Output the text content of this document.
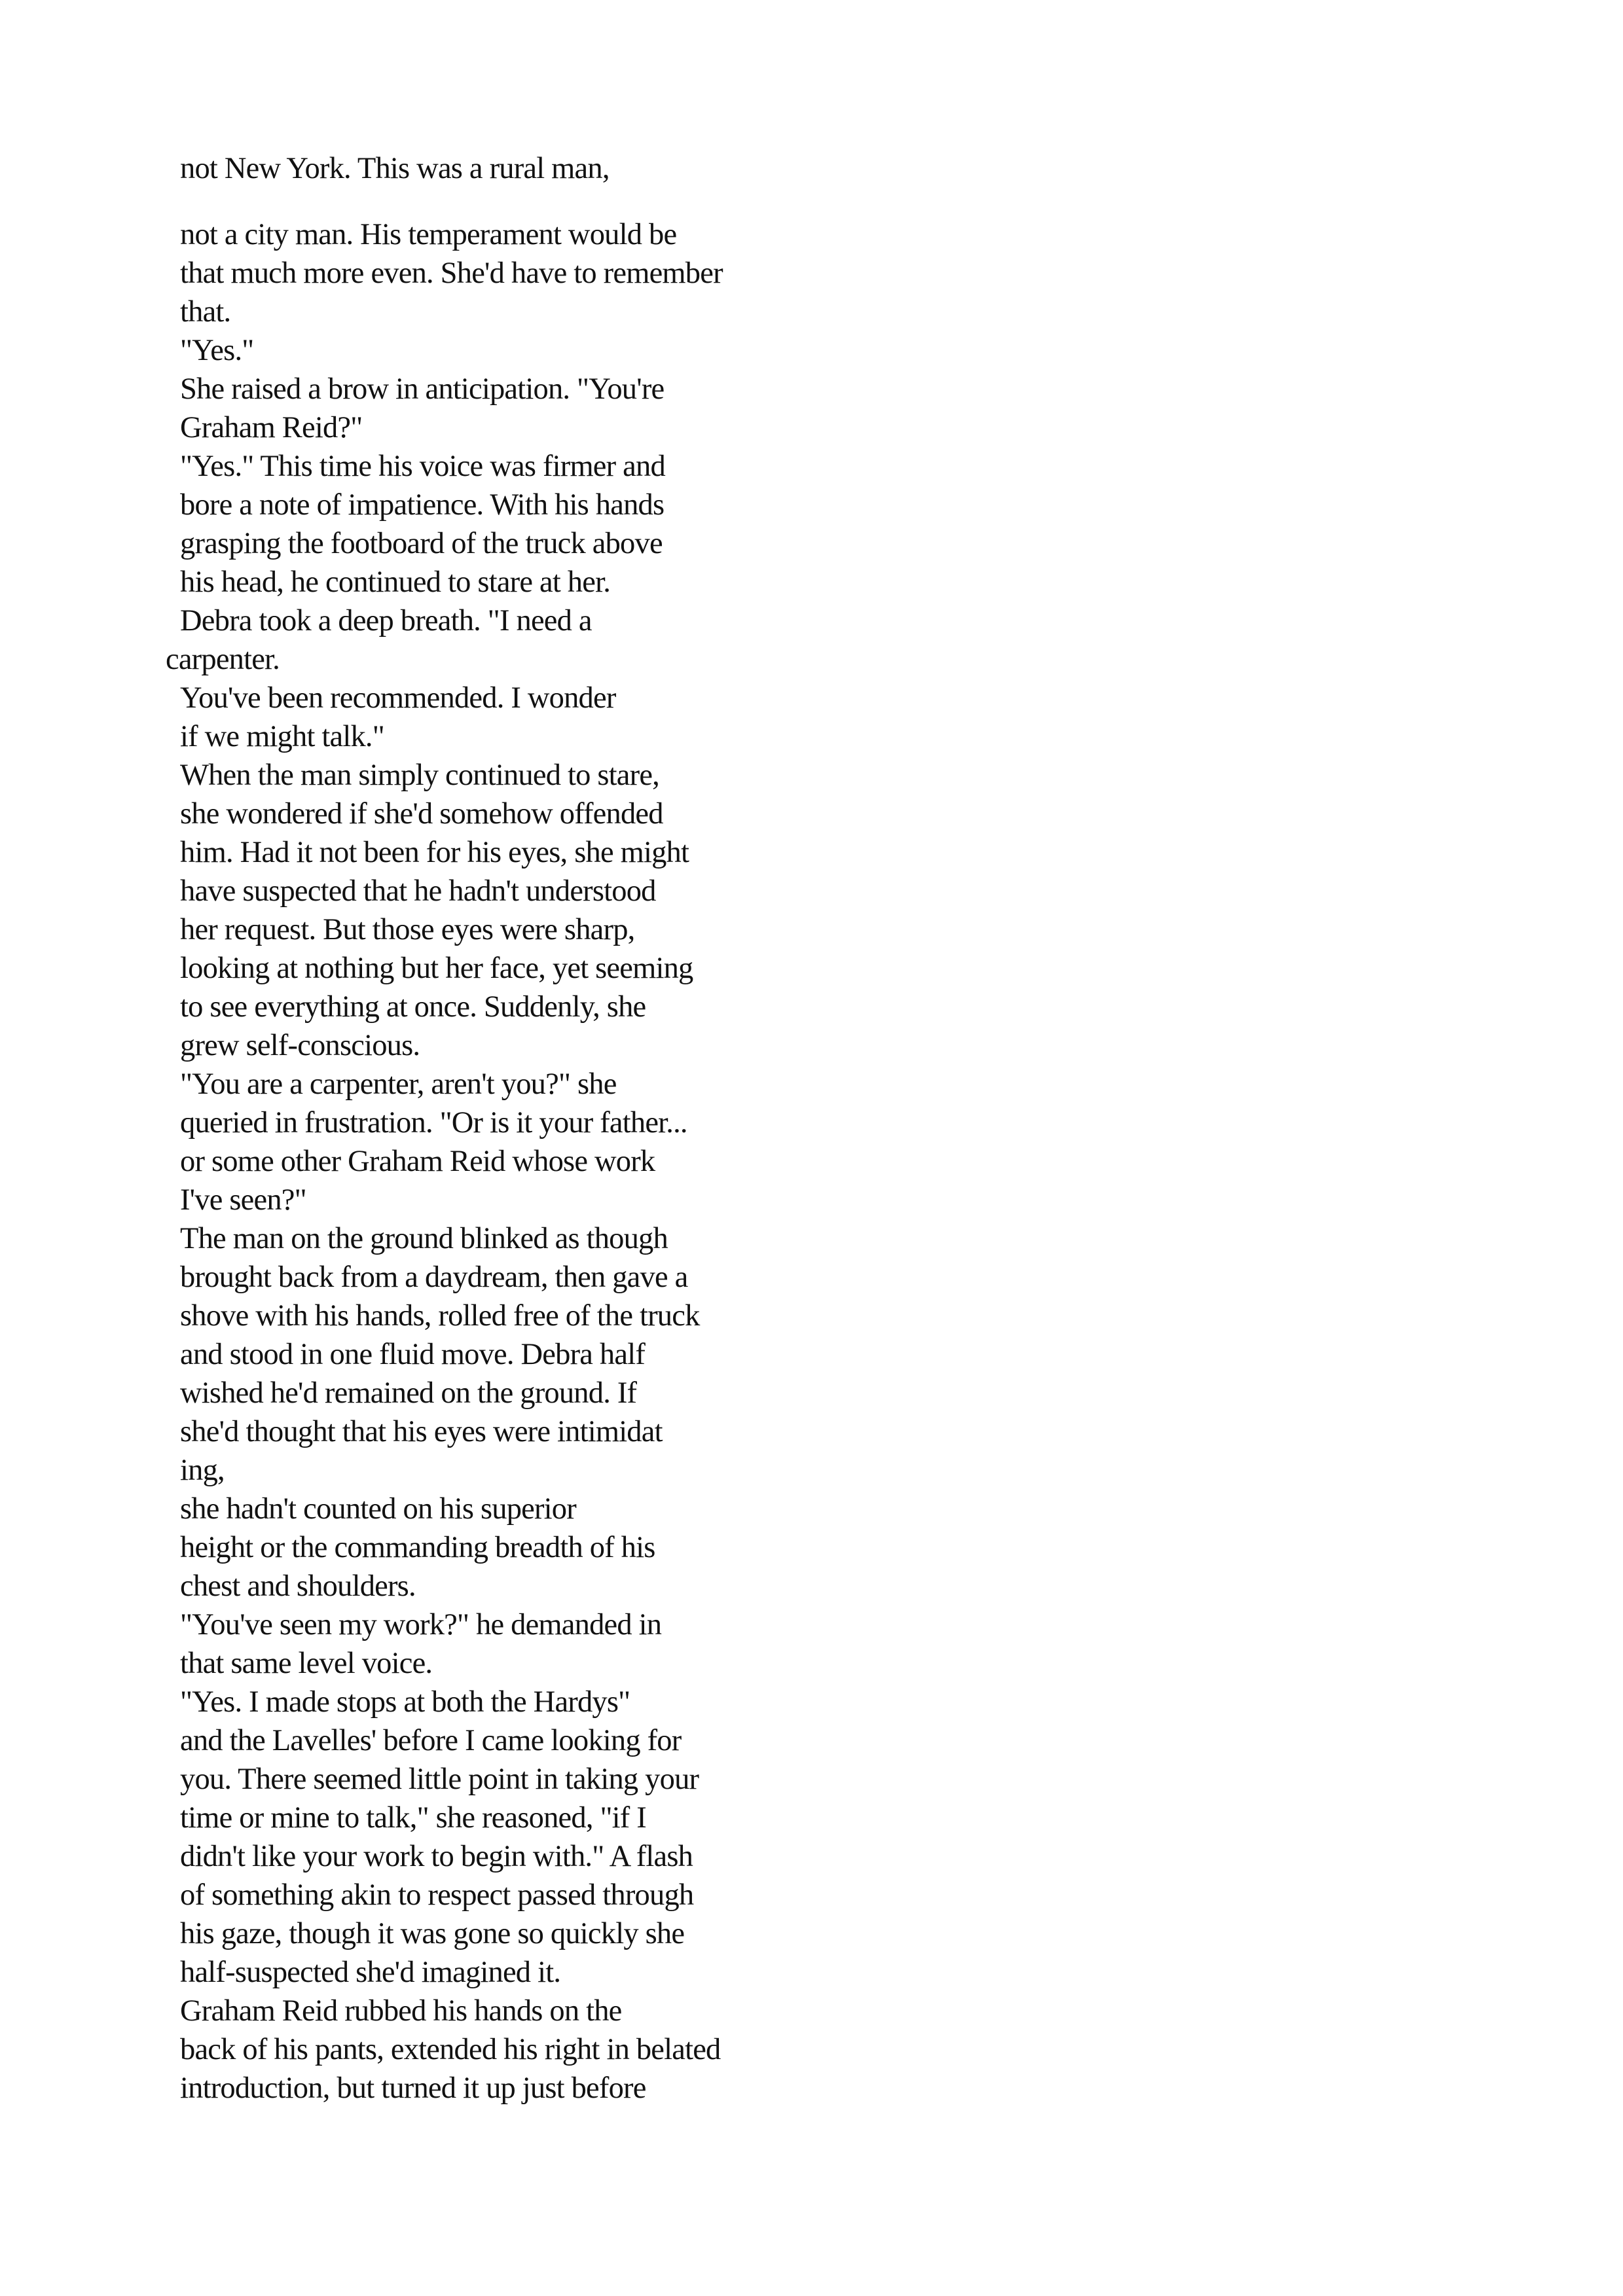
not New York. This was a rural man,
not a city man. His temperament would be
that much more even. She'd have to remember
that.
"Yes."
She raised a brow in anticipation. "You're
Graham Reid?"
"Yes." This time his voice was firmer and
bore a note of impatience. With his hands
grasping the footboard of the truck above
his head, he continued to stare at her.
Debra took a deep breath. "I need a
carpenter.
You've been recommended. I wonder
if we might talk."
When the man simply continued to stare,
she wondered if she'd somehow offended
him. Had it not been for his eyes, she might
have suspected that he hadn't understood
her request. But those eyes were sharp,
looking at nothing but her face, yet seeming
to see everything at once. Suddenly, she
grew self-conscious.
"You are a carpenter, aren't you?" she
queried in frustration. "Or is it your father...
or some other Graham Reid whose work
I've seen?"
The man on the ground blinked as though
brought back from a daydream, then gave a
shove with his hands, rolled free of the truck
and stood in one fluid move. Debra half
wished he'd remained on the ground. If
she'd thought that his eyes were intimidat
ing,
she hadn't counted on his superior
height or the commanding breadth of his
chest and shoulders.
"You've seen my work?" he demanded in
that same level voice.
"Yes. I made stops at both the Hardys"
and the Lavelles' before I came looking for
you. There seemed little point in taking your
time or mine to talk," she reasoned, "if I
didn't like your work to begin with." A flash
of something akin to respect passed through
his gaze, though it was gone so quickly she
half-suspected she'd imagined it.
Graham Reid rubbed his hands on the
back of his pants, extended his right in belated
introduction, but turned it up just before
